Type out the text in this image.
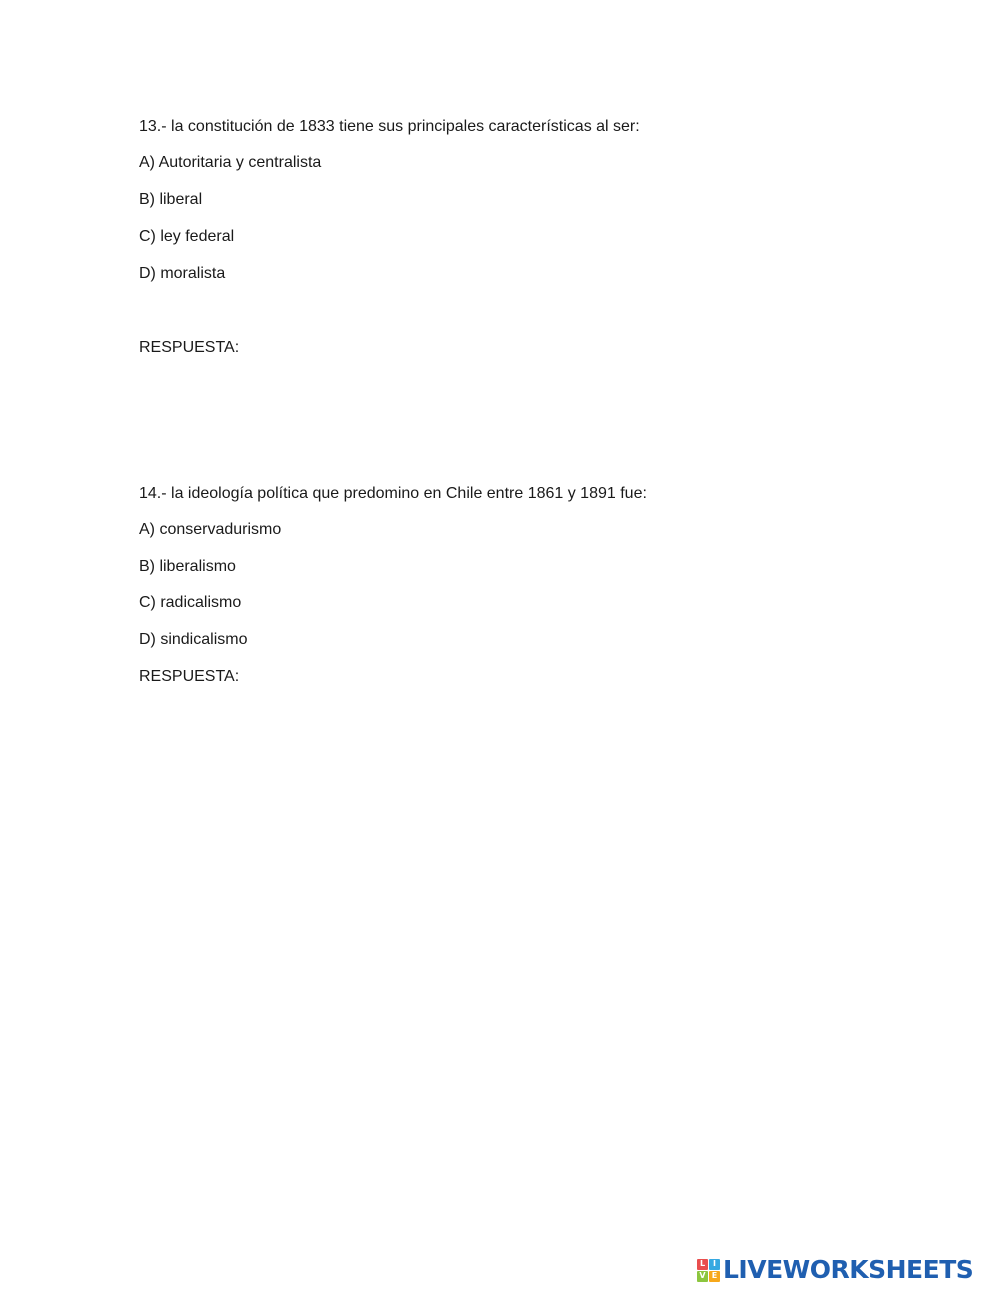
13.- la constitución de 1833 tiene sus principales características al ser:
A) Autoritaria y centralista
B) liberal
C) ley federal
D) moralista
RESPUESTA:
14.- la ideología política que predomino en Chile entre 1861 y 1891 fue:
A) conservadurismo
B) liberalismo
C) radicalismo
D) sindicalismo
RESPUESTA:
L I
V E LIVEWORKSHEETS
